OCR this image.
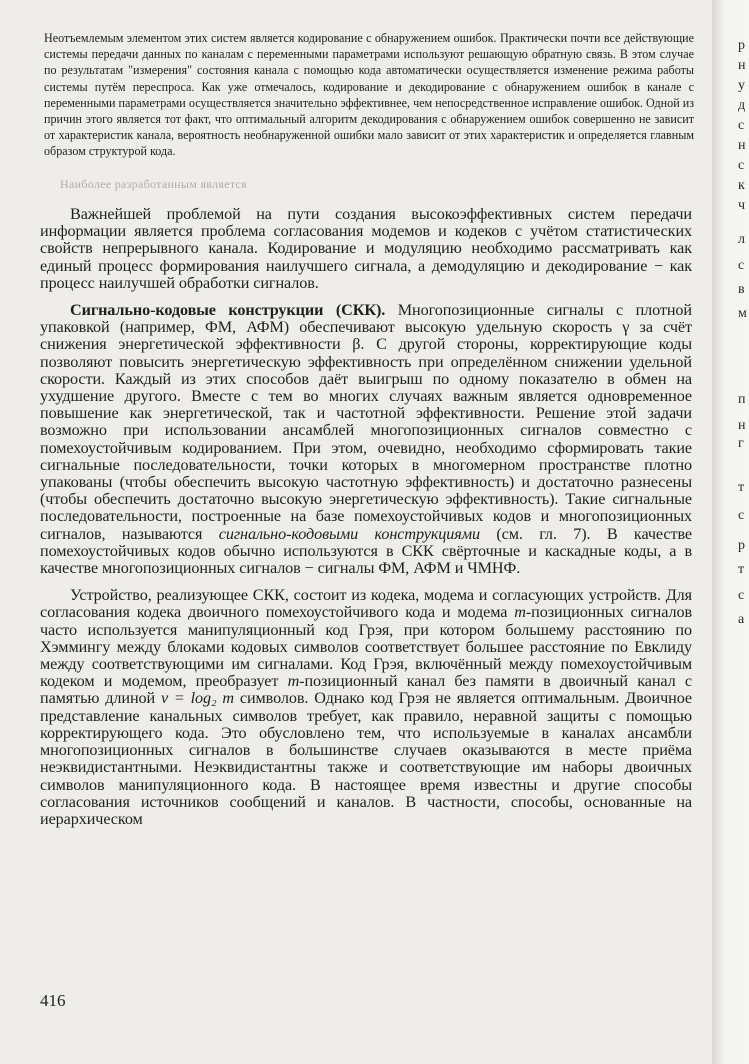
Неотъемлемым элементом этих систем является кодирование с обнаружением ошибок. Практически почти все действующие системы передачи данных по каналам с переменными параметрами используют решающую обратную связь. В этом случае по результатам "измерения" состояния канала с помощью кода автоматически осуществляется изменение режима работы системы путём переспроса. Как уже отмечалось, кодирование и декодирование с обнаружением ошибок в канале с переменными параметрами осуществляется значительно эффективнее, чем непосредственное исправление ошибок. Одной из причин этого является тот факт, что оптимальный алгоритм декодирования с обнаружением ошибок совершенно не зависит от характеристик канала, вероятность необнаруженной ошибки мало зависит от этих характеристик и определяется главным образом структурой кода.

Наиболее разработанным является

Важнейшей проблемой на пути создания высокоэффективных систем передачи информации является проблема согласования модемов и кодеков с учётом статистических свойств непрерывного канала. Кодирование и модуляцию необходимо рассматривать как единый процесс формирования наилучшего сигнала, а демодуляцию и декодирование − как процесс наилучшей обработки сигналов.

Сигнально-кодовые конструкции (СКК). Многопозиционные сигналы с плотной упаковкой (например, ФМ, АФМ) обеспечивают высокую удельную скорость γ за счёт снижения энергетической эффективности β. С другой стороны, корректирующие коды позволяют повысить энергетическую эффективность при определённом снижении удельной скорости. Каждый из этих способов даёт выигрыш по одному показателю в обмен на ухудшение другого. Вместе с тем во многих случаях важным является одновременное повышение как энергетической, так и частотной эффективности. Решение этой задачи возможно при использовании ансамблей многопозиционных сигналов совместно с помехоустойчивым кодированием. При этом, очевидно, необходимо сформировать такие сигнальные последовательности, точки которых в многомерном пространстве плотно упакованы (чтобы обеспечить высокую частотную эффективность) и достаточно разнесены (чтобы обеспечить достаточно высокую энергетическую эффективность). Такие сигнальные последовательности, построенные на базе помехоустойчивых кодов и многопозиционных сигналов, называются сигнально-кодовыми конструкциями (см. гл. 7). В качестве помехоустойчивых кодов обычно используются в СКК свёрточные и каскадные коды, а в качестве многопозиционных сигналов − сигналы ФМ, АФМ и ЧМНФ.

Устройство, реализующее СКК, состоит из кодека, модема и согласующих устройств. Для согласования кодека двоичного помехоустойчивого кода и модема m-позиционных сигналов часто используется манипуляционный код Грэя, при котором большему расстоянию по Хэммингу между блоками кодовых символов соответствует большее расстояние по Евклиду между соответствующими им сигналами. Код Грэя, включённый между помехоустойчивым кодеком и модемом, преобразует m-позиционный канал без памяти в двоичный канал с памятью длиной ν = log₂ m символов. Однако код Грэя не является оптимальным. Двоичное представление канальных символов требует, как правило, неравной защиты с помощью корректирующего кода. Это обусловлено тем, что используемые в каналах ансамбли многопозиционных сигналов в большинстве случаев оказываются в месте приёма неэквидистантными. Неэквидистантны также и соответствующие им наборы двоичных символов манипуляционного кода. В настоящее время известны и другие способы согласования источников сообщений и каналов. В частности, способы, основанные на иерархическом

416
р
н
у
д
с
н
с
к
ч
л
с
в
м
п
н
г
т
с
р
т
с
а
